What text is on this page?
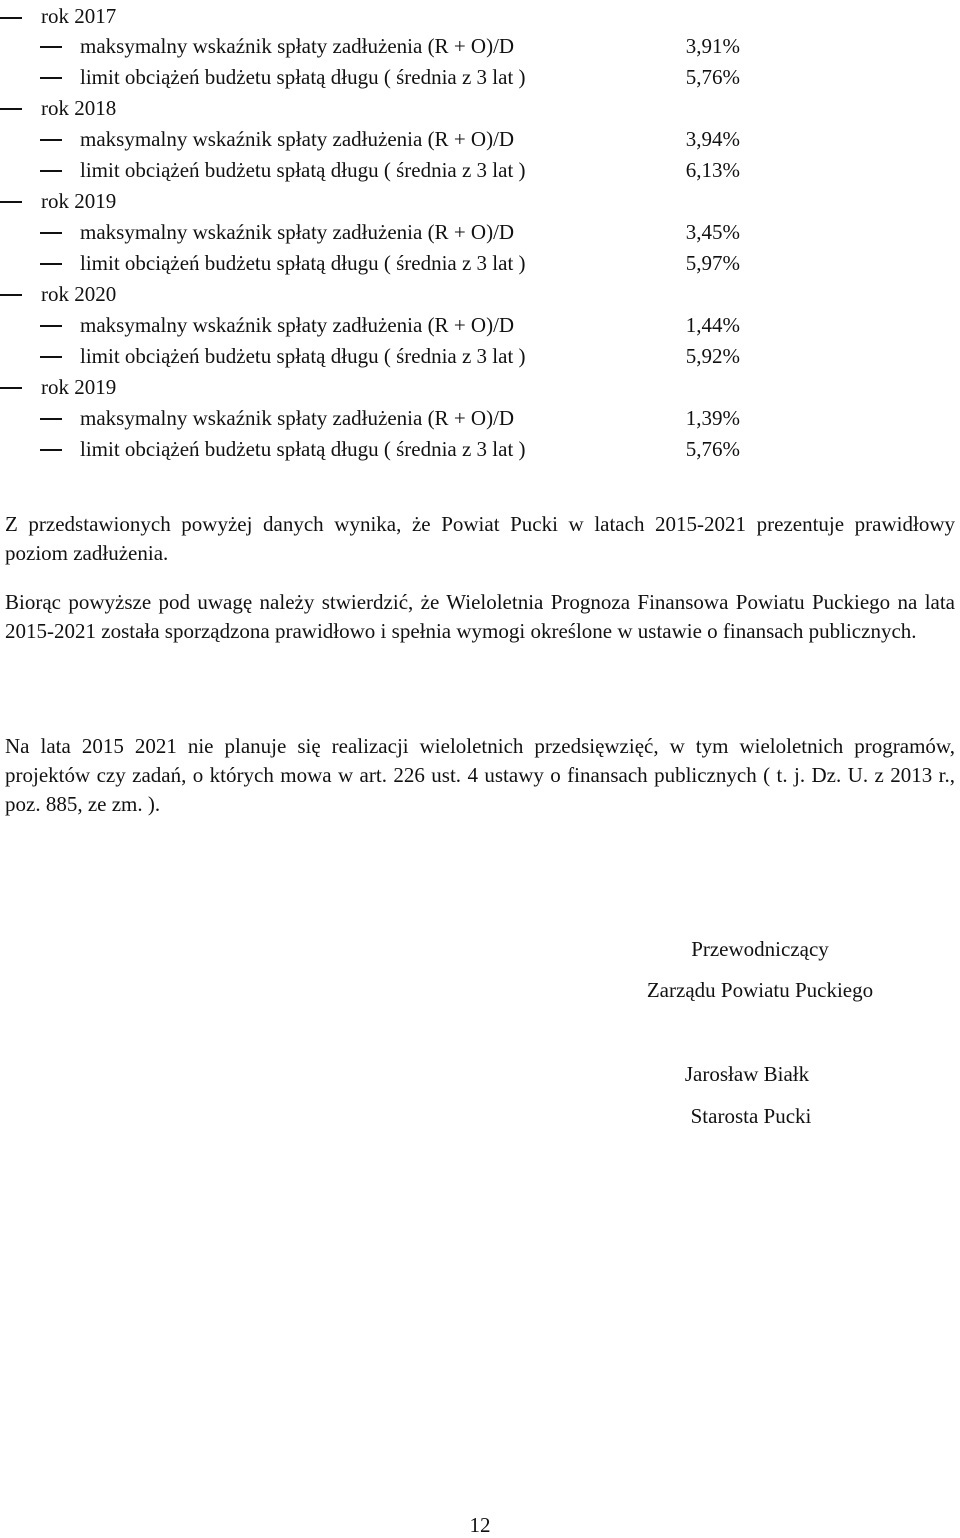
rok 2017
maksymalny wskaźnik spłaty zadłużenia (R + O)/D	3,91%
limit obciążeń budżetu spłatą długu ( średnia z 3 lat )	5,76%
rok 2018
maksymalny wskaźnik spłaty zadłużenia (R + O)/D	3,94%
limit obciążeń budżetu spłatą długu ( średnia z 3 lat )	6,13%
rok 2019
maksymalny wskaźnik spłaty zadłużenia (R + O)/D	3,45%
limit obciążeń budżetu spłatą długu ( średnia z 3 lat )	5,97%
rok 2020
maksymalny wskaźnik spłaty zadłużenia (R + O)/D	1,44%
limit obciążeń budżetu spłatą długu ( średnia z 3 lat )	5,92%
rok 2019
maksymalny wskaźnik spłaty zadłużenia (R + O)/D	1,39%
limit obciążeń budżetu spłatą długu ( średnia z 3 lat )	5,76%
Z przedstawionych powyżej danych wynika, że Powiat Pucki w latach 2015-2021 prezentuje prawidłowy poziom zadłużenia.
Biorąc powyższe pod uwagę należy stwierdzić, że Wieloletnia Prognoza Finansowa Powiatu Puckiego na lata 2015-2021 została sporządzona prawidłowo i spełnia wymogi określone w ustawie o finansach publicznych.
Na lata 2015 2021 nie planuje się realizacji wieloletnich przedsięwzięć, w tym wieloletnich programów, projektów czy zadań, o których mowa w art. 226 ust. 4 ustawy o finansach publicznych ( t. j. Dz. U. z 2013 r., poz. 885, ze zm. ).
Przewodniczący
Zarządu Powiatu Puckiego
Jarosław Białk
Starosta Pucki
12
